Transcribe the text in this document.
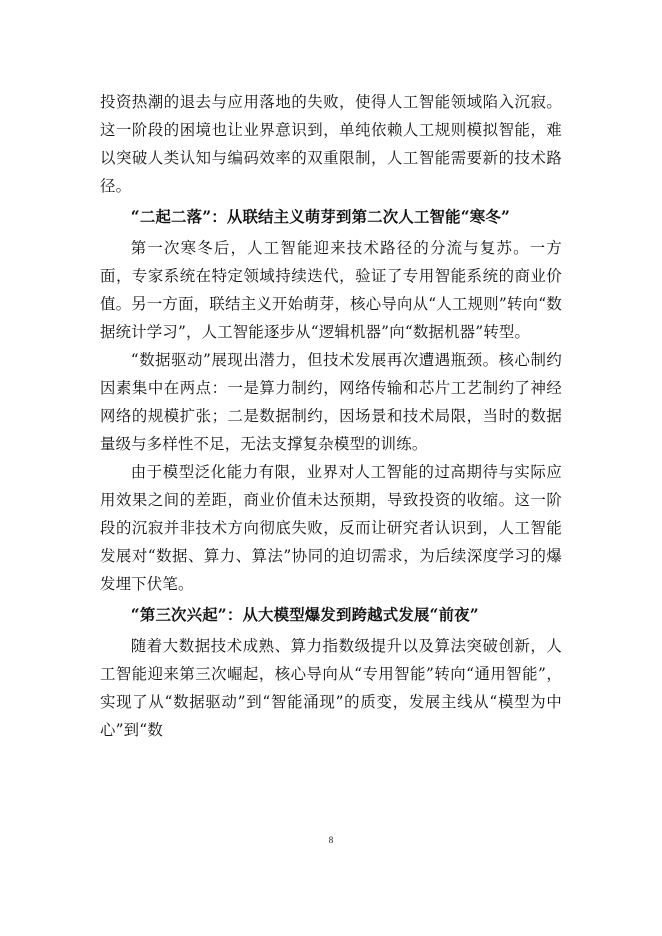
投资热潮的退去与应用落地的失败，使得人工智能领域陷入沉寂。这一阶段的困境也让业界意识到，单纯依赖人工规则模拟智能，难以突破人类认知与编码效率的双重限制，人工智能需要新的技术路径。

“二起二落”：从联结主义萌芽到第二次人工智能“寒冬”

第一次寒冬后，人工智能迎来技术路径的分流与复苏。一方面，专家系统在特定领域持续迭代，验证了专用智能系统的商业价值。另一方面，联结主义开始萌芽，核心导向从“人工规则”转向“数据统计学习”，人工智能逐步从“逻辑机器”向“数据机器”转型。

“数据驱动”展现出潜力，但技术发展再次遭遇瓶颈。核心制约因素集中在两点：一是算力制约，网络传输和芯片工艺制约了神经网络的规模扩张；二是数据制约，因场景和技术局限，当时的数据量级与多样性不足，无法支撑复杂模型的训练。

由于模型泛化能力有限，业界对人工智能的过高期待与实际应用效果之间的差距，商业价值未达预期，导致投资的收缩。这一阶段的沉寂并非技术方向彻底失败，反而让研究者认识到，人工智能发展对“数据、算力、算法”协同的迫切需求，为后续深度学习的爆发埋下伏笔。

“第三次兴起”：从大模型爆发到跨越式发展“前夜”

随着大数据技术成熟、算力指数级提升以及算法突破创新，人工智能迎来第三次崛起，核心导向从“专用智能”转向“通用智能”，实现了从“数据驱动”到“智能涌现”的质变，发展主线从“模型为中心”到“数

8
